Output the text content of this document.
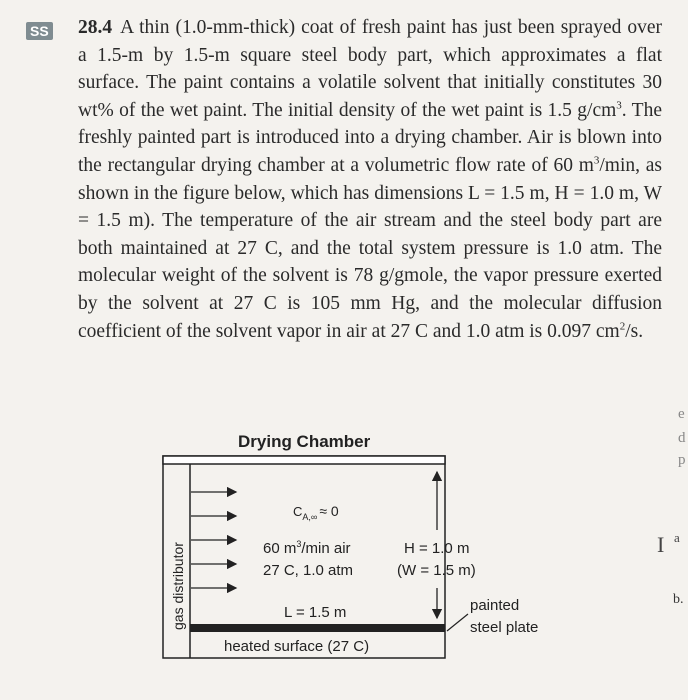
SS 28.4 A thin (1.0-mm-thick) coat of fresh paint has just been sprayed over a 1.5-m by 1.5-m square steel body part, which approximates a flat surface. The paint contains a volatile solvent that initially constitutes 30 wt% of the wet paint. The initial density of the wet paint is 1.5 $g/cm^3$. The freshly painted part is introduced into a drying chamber. Air is blown into the rectangular drying chamber at a volumetric flow rate of 60 $m^3/\min$, as shown in the figure below, which has dimensions L = 1.5 m, H = 1.0 m, W = 1.5 m). The temperature of the air stream and the steel body part are both maintained at 27 C, and the total system pressure is 1.0 atm. The molecular weight of the solvent is 78 g/gmole, the vapor pressure exerted by the solvent at 27 C is 105 mm Hg, and the molecular diffusion coefficient of the solvent vapor in air at 27 C and 1.0 atm is 0.097 $cm^2/s$.
Drying Chamber
gas distributor
$C_{A,\infty} \approx 0$
60 $m^3/\min$ air
27 C, 1.0 atm
H = 1.0 m
(W = 1.5 m)
L = 1.5 m	painted
steel plate
heated surface (27 C)
e
d
p
I a
b.
